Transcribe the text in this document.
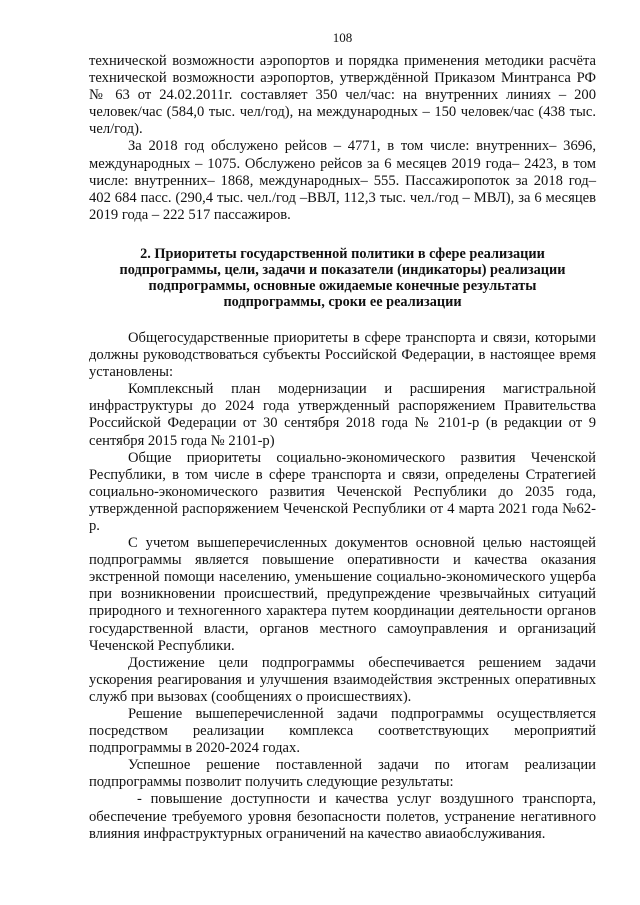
108

технической возможности аэропортов и порядка применения методики расчёта технической возможности аэропортов, утверждённой Приказом Минтранса РФ № 63 от 24.02.2011г. составляет 350 чел/час: на внутренних линиях – 200 человек/час (584,0 тыс. чел/год), на международных – 150 человек/час (438 тыс. чел/год).

За 2018 год обслужено рейсов – 4771, в том числе: внутренних– 3696, международных – 1075. Обслужено рейсов за 6 месяцев 2019 года– 2423, в том числе: внутренних– 1868, международных– 555. Пассажиропоток за 2018 год– 402 684 пасс. (290,4 тыс. чел./год –ВВЛ, 112,3 тыс. чел./год – МВЛ), за 6 месяцев 2019 года – 222 517 пассажиров.

2. Приоритеты государственной политики в сфере реализации
подпрограммы, цели, задачи и показатели (индикаторы) реализации
подпрограммы, основные ожидаемые конечные результаты
подпрограммы, сроки ее реализации

Общегосударственные приоритеты в сфере транспорта и связи, которыми должны руководствоваться субъекты Российской Федерации, в настоящее время установлены:

Комплексный план модернизации и расширения магистральной инфраструктуры до 2024 года утвержденный распоряжением Правительства Российской Федерации от 30 сентября 2018 года № 2101-р (в редакции от 9 сентября 2015 года № 2101-р)

Общие приоритеты социально-экономического развития Чеченской Республики, в том числе в сфере транспорта и связи, определены Стратегией социально-экономического развития Чеченской Республики до 2035 года, утвержденной распоряжением Чеченской Республики от 4 марта 2021 года №62-р.

С учетом вышеперечисленных документов основной целью настоящей подпрограммы является повышение оперативности и качества оказания экстренной помощи населению, уменьшение социально-экономического ущерба при возникновении происшествий, предупреждение чрезвычайных ситуаций природного и техногенного характера путем координации деятельности органов государственной власти, органов местного самоуправления и организаций Чеченской Республики.

Достижение цели подпрограммы обеспечивается решением задачи ускорения реагирования и улучшения взаимодействия экстренных оперативных служб при вызовах (сообщениях о происшествиях).

Решение вышеперечисленной задачи подпрограммы осуществляется посредством реализации комплекса соответствующих мероприятий подпрограммы в 2020-2024 годах.

Успешное решение поставленной задачи по итогам реализации подпрограммы позволит получить следующие результаты:

- повышение доступности и качества услуг воздушного транспорта, обеспечение требуемого уровня безопасности полетов, устранение негативного влияния инфраструктурных ограничений на качество авиаобслуживания.
